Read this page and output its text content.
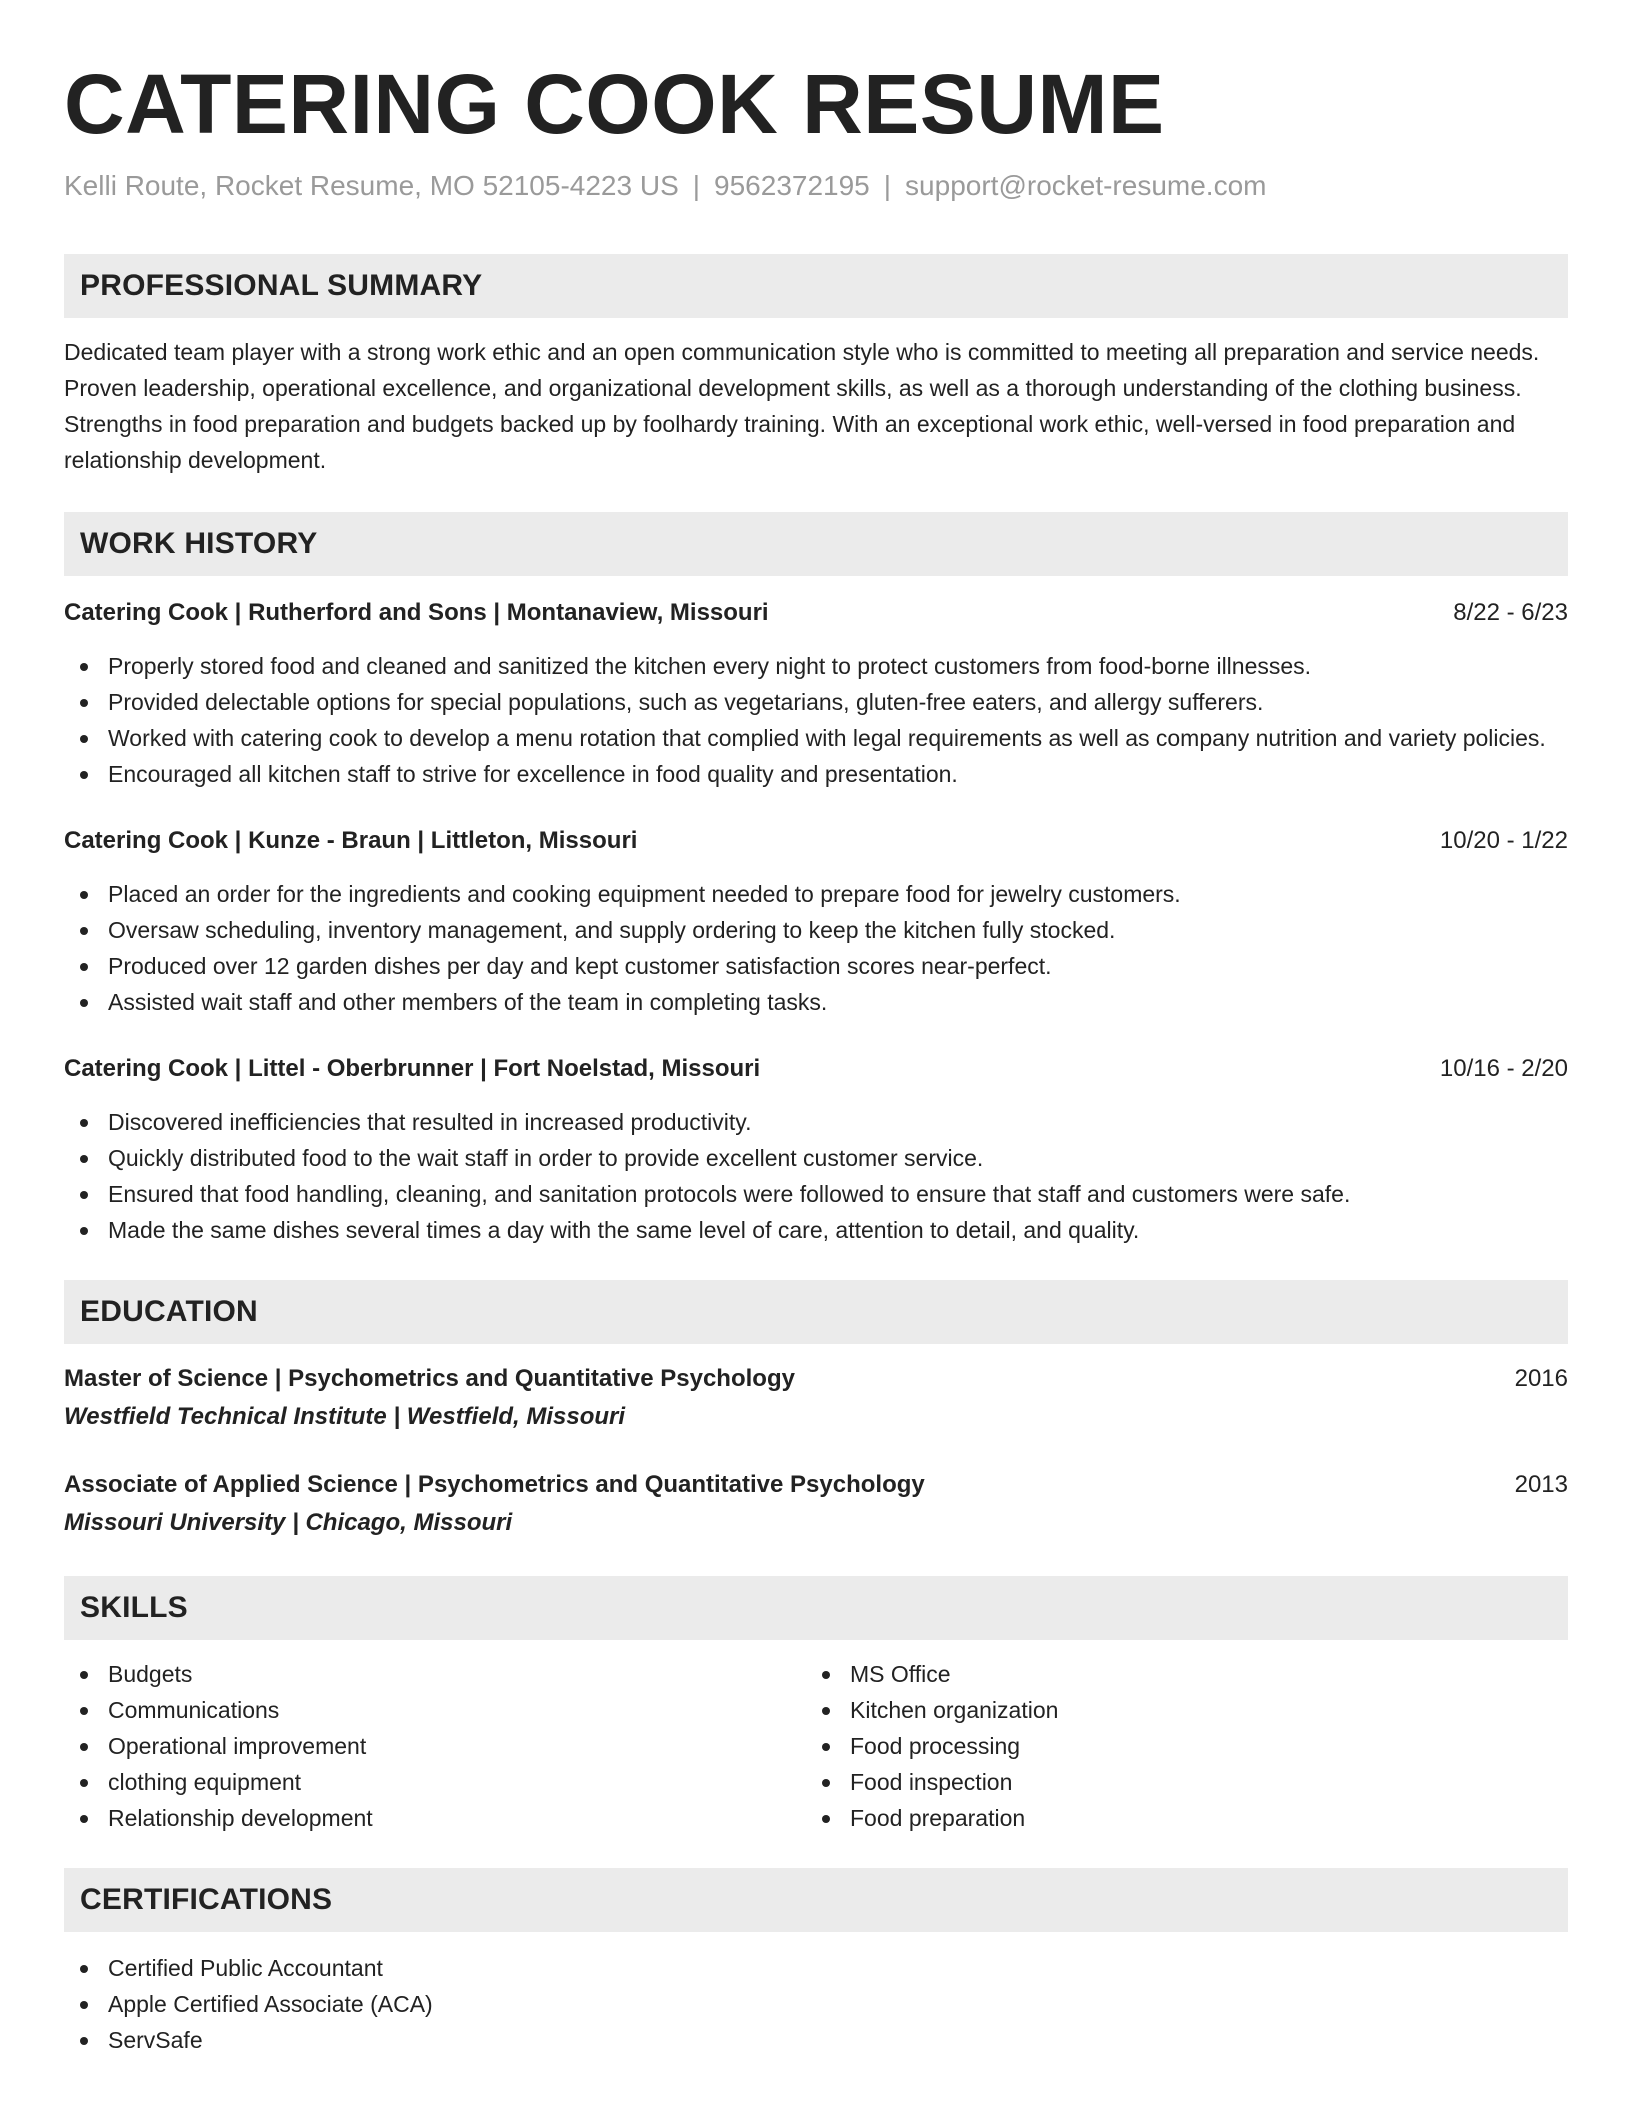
CATERING COOK RESUME
Kelli Route, Rocket Resume, MO 52105-4223 US | 9562372195 | support@rocket-resume.com
PROFESSIONAL SUMMARY

Dedicated team player with a strong work ethic and an open communication style who is committed to meeting all preparation and service needs. Proven leadership, operational excellence, and organizational development skills, as well as a thorough understanding of the clothing business. Strengths in food preparation and budgets backed up by foolhardy training. With an exceptional work ethic, well-versed in food preparation and relationship development.

WORK HISTORY
Catering Cook | Rutherford and Sons | Montanaview, Missouri	8/22 - 6/23
Properly stored food and cleaned and sanitized the kitchen every night to protect customers from food-borne illnesses.
Provided delectable options for special populations, such as vegetarians, gluten-free eaters, and allergy sufferers.
Worked with catering cook to develop a menu rotation that complied with legal requirements as well as company nutrition and variety policies.
Encouraged all kitchen staff to strive for excellence in food quality and presentation.
Catering Cook | Kunze - Braun | Littleton, Missouri	10/20 - 1/22
Placed an order for the ingredients and cooking equipment needed to prepare food for jewelry customers.
Oversaw scheduling, inventory management, and supply ordering to keep the kitchen fully stocked.
Produced over 12 garden dishes per day and kept customer satisfaction scores near-perfect.
Assisted wait staff and other members of the team in completing tasks.
Catering Cook | Littel - Oberbrunner | Fort Noelstad, Missouri	10/16 - 2/20
Discovered inefficiencies that resulted in increased productivity.
Quickly distributed food to the wait staff in order to provide excellent customer service.
Ensured that food handling, cleaning, and sanitation protocols were followed to ensure that staff and customers were safe.
Made the same dishes several times a day with the same level of care, attention to detail, and quality.
EDUCATION
Master of Science | Psychometrics and Quantitative Psychology	2016
Westfield Technical Institute | Westfield, Missouri
Associate of Applied Science | Psychometrics and Quantitative Psychology	2013
Missouri University | Chicago, Missouri
SKILLS
Budgets
Communications
Operational improvement
clothing equipment
Relationship development
MS Office
Kitchen organization
Food processing
Food inspection
Food preparation
CERTIFICATIONS
Certified Public Accountant
Apple Certified Associate (ACA)
ServSafe
